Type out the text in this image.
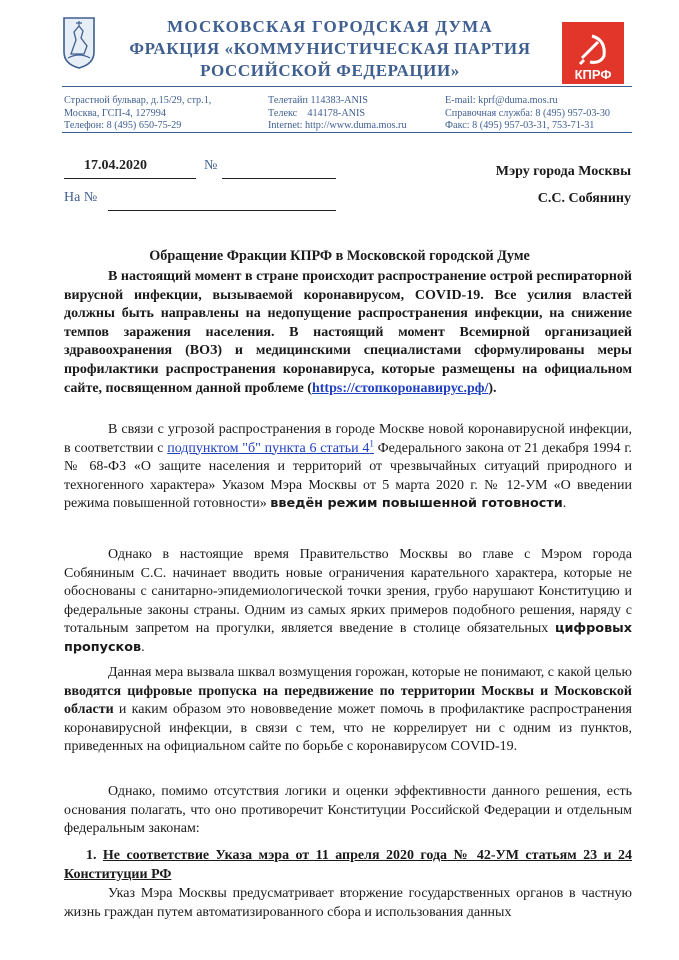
МОСКОВСКАЯ ГОРОДСКАЯ ДУМА
ФРАКЦИЯ «КОММУНИСТИЧЕСКАЯ ПАРТИЯ
РОССИЙСКОЙ ФЕДЕРАЦИИ»	КПРФ
Страстной бульвар, д.15/29, стр.1,
Москва, ГСП-4, 127994
Телефон: 8 (495) 650-75-29
Телетайп 114383-ANIS
Телекс    414178-ANIS
Internet: http://www.duma.mos.ru
E-mail: kprf@duma.mos.ru
Справочная служба: 8 (495) 957-03-30
Факс: 8 (495) 957-03-31, 753-71-31
17.04.2020	№
На №
Мэру города Москвы
С.С. Собянину
Обращение Фракции КПРФ в Московской городской Думе

В настоящий момент в стране происходит распространение острой респираторной вирусной инфекции, вызываемой коронавирусом, COVID-19. Все усилия властей должны быть направлены на недопущение распространения инфекции, на снижение темпов заражения населения. В настоящий момент Всемирной организацией здравоохранения (ВОЗ) и медицинскими специалистами сформулированы меры профилактики распространения коронавируса, которые размещены на официальном сайте, посвященном данной проблеме (https://стопкоронавирус.рф/).

В связи с угрозой распространения в городе Москве новой коронавирусной инфекции, в соответствии с подпунктом "б" пункта 6 статьи $4^1$ Федерального закона от 21 декабря 1994 г. № 68-ФЗ «О защите населения и территорий от чрезвычайных ситуаций природного и техногенного характера» Указом Мэра Москвы от 5 марта 2020 г. № 12-УМ «О введении режима повышенной готовности» введён режим повышенной готовности.

Однако в настоящие время Правительство Москвы во главе с Мэром города Собяниным С.С. начинает вводить новые ограничения карательного характера, которые не обоснованы с санитарно-эпидемиологической точки зрения, грубо нарушают Конституцию и федеральные законы страны. Одним из самых ярких примеров подобного решения, наряду с тотальным запретом на прогулки, является введение в столице обязательных цифровых пропусков.

Данная мера вызвала шквал возмущения горожан, которые не понимают, с какой целью вводятся цифровые пропуска на передвижение по территории Москвы и Московской области и каким образом это нововведение может помочь в профилактике распространения коронавирусной инфекции, в связи с тем, что не коррелирует ни с одним из пунктов, приведенных на официальном сайте по борьбе с коронавирусом COVID-19.

Однако, помимо отсутствия логики и оценки эффективности данного решения, есть основания полагать, что оно противоречит Конституции Российской Федерации и отдельным федеральным законам:

1. Не соответствие Указа мэра от 11 апреля 2020 года № 42-УМ статьям 23 и 24 Конституции РФ

Указ Мэра Москвы предусматривает вторжение государственных органов в частную жизнь граждан путем автоматизированного сбора и использования данных
